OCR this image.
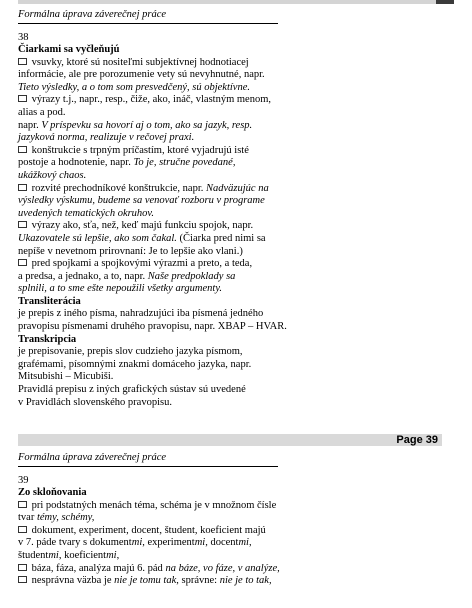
Formálna úprava záverečnej práce
38
Čiarkami sa vyčleňujú
vsuvky, ktoré sú nositeľmi subjektívnej hodnotiacej
informácie, ale pre porozumenie vety sú nevyhnutné, napr.
Tieto výsledky, a o tom som presvedčený, sú objektívne.
výrazy t.j., napr., resp., čiže, ako, ináč, vlastným menom,
alias a pod.
napr. V príspevku sa hovorí aj o tom, ako sa jazyk, resp.
jazyková norma, realizuje v rečovej praxi.
konštrukcie s trpným príčastím, ktoré vyjadrujú isté
postoje a hodnotenie, napr. To je, stručne povedané,
ukážkový chaos.
rozvité prechodníkové konštrukcie, napr. Nadväzujúc na
výsledky výskumu, budeme sa venovať rozboru v programe
uvedených tematických okruhov.
výrazy ako, sťa, než, keď majú funkciu spojok, napr.
Ukazovatele sú lepšie, ako som čakal. (Čiarka pred nimi sa
nepíše v nevetnom prirovnaní: Je to lepšie ako vlani.)
pred spojkami a spojkovými výrazmi a preto, a teda,
a predsa, a jednako, a to, napr. Naše predpoklady sa
splnili, a to sme ešte nepoužili všetky argumenty.
Transliterácia
je prepis z iného písma, nahradzujúci iba písmená jedného
pravopisu písmenami druhého pravopisu, napr. XBAP – HVAR.
Transkripcia
je prepisovanie, prepis slov cudzieho jazyka písmom,
grafémami, písomnými znakmi domáceho jazyka, napr.
Mitsubishi – Micubiši.
Pravidlá prepisu z iných grafických sústav sú uvedené
v Pravidlách slovenského pravopisu.
Page 39
Formálna úprava záverečnej práce
39
Zo skloňovania
pri podstatných menách téma, schéma je v množnom čísle
tvar témy, schémy,
dokument, experiment, docent, študent, koeficient majú
v 7. páde tvary s dokumentmi, experimentmi, docentmi,
študentmi, koeficientmi,
báza, fáza, analýza majú 6. pád na báze, vo fáze, v analýze,
nesprávna väzba je nie je tomu tak, správne: nie je to tak,
